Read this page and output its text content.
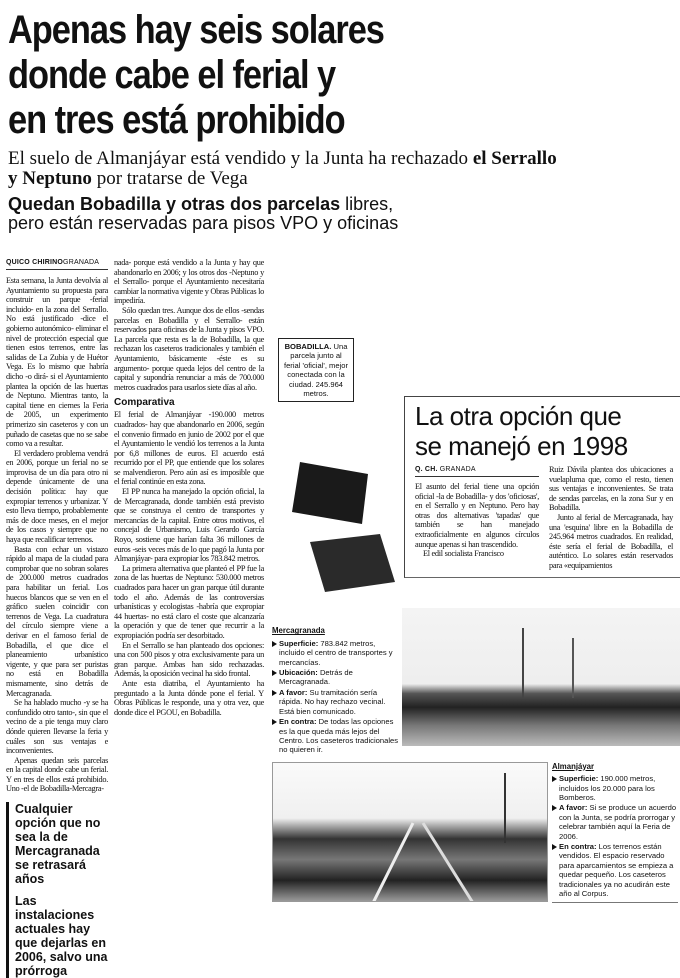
Apenas hay seis solares
donde cabe el ferial y
en tres está prohibido
El suelo de Almanjáyar está vendido y la Junta ha rechazado el Serrallo y Neptuno por tratarse de Vega
Quedan Bobadilla y otras dos parcelas libres,
pero están reservadas para pisos VPO y oficinas
QUICO CHIRINOGRANADA

Esta semana, la Junta devolvía al Ayuntamiento su propuesta para construir un parque -ferial incluido- en la zona del Serrallo. No está justificado -dice el gobierno autonómico- eliminar el nivel de protección especial que tienen estos terrenos, entre las salidas de La Zubia y de Huétor Vega. Es lo mismo que habría dicho -o dirá- si el Ayuntamiento plantea la opción de las huertas de Neptuno. Mientras tanto, la capital tiene en ciernes la Feria de 2005, un experimento primerizo sin caseteros y con un puñado de casetas que no se sabe como va a resultar.

El verdadero problema vendrá en 2006, porque un ferial no se improvisa de un día para otro ni depende únicamente de una decisión política: hay que expropiar terrenos y urbanizar. Y esto lleva tiempo, probablemente más de doce meses, en el mejor de los casos y siempre que no haya que recalificar terrenos.

Basta con echar un vistazo rápido al mapa de la ciudad para comprobar que no sobran solares de 200.000 metros cuadrados para habilitar un ferial. Los huecos blancos que se ven en el gráfico suelen coincidir con terrenos de Vega. La cuadratura del círculo siempre viene a derivar en el famoso ferial de Bobadilla, el que dice el planeamiento urbanístico vigente, y que para ser puristas no está en Bobadilla mismamente, sino detrás de Mercagranada.

Se ha hablado mucho -y se ha confundido otro tanto-, sin que el vecino de a pie tenga muy claro dónde quieren llevarse la feria y cuáles son sus ventajas e inconvenientes.

Apenas quedan seis parcelas en la capital donde cabe un ferial. Y en tres de ellos está prohibido. Uno -el de Bobadilla-Mercagra-

Cualquier opción que no sea la de Mercagranada se retrasará años

Las instalaciones actuales hay que dejarlas en 2006, salvo una prórroga

nada- porque está vendido a la Junta y hay que abandonarlo en 2006; y los otros dos -Neptuno y el Serrallo- porque el Ayuntamiento necesitaría cambiar la normativa vigente y Obras Públicas lo impediría.

Sólo quedan tres. Aunque dos de ellos -sendas parcelas en Bobadilla y el Serrallo- están reservados para oficinas de la Junta y pisos VPO. La parcela que resta es la de Bobadilla, la que rechazan los caseteros tradicionales y también el Ayuntamiento, básicamente -éste es su argumento- porque queda lejos del centro de la capital y supondría renunciar a más de 700.000 metros cuadrados para usarlos siete días al año.

Comparativa

El ferial de Almanjáyar -190.000 metros cuadrados- hay que abandonarlo en 2006, según el convenio firmado en junio de 2002 por el que el Ayuntamiento le vendió los terrenos a la Junta por 6,8 millones de euros. El acuerdo está recurrido por el PP, que entiende que los solares se malvendieron. Pero aún así es imposible que el ferial continúe en esta zona.

El PP nunca ha manejado la opción oficial, la de Mercagranada, donde también está previsto que se construya el centro de transportes y mercancías de la capital. Entre otros motivos, el concejal de Urbanismo, Luis Gerardo García Royo, sostiene que harían falta 36 millones de euros -seis veces más de lo que pagó la Junta por Almanjáyar- para expropiar los 783.842 metros.

La primera alternativa que planteó el PP fue la zona de las huertas de Neptuno: 530.000 metros cuadrados para hacer un gran parque útil durante todo el año. Además de las controversias urbanísticas y ecologistas -habría que expropiar 44 huertas- no está claro el coste que alcanzaría la operación y que de tener que recurrir a la expropiación podría ser desorbitado.

En el Serrallo se han planteado dos opciones: una con 500 pisos y otra exclusivamente para un gran parque. Ambas han sido rechazadas. Además, la oposición vecinal ha sido frontal.

Ante esta diatriba, el Ayuntamiento ha preguntado a la Junta dónde pone el ferial. Y Obras Públicas le responde, una y otra vez, que donde dice el PGOU, en Bobadilla.

BOBADILLA. Una parcela junto al ferial 'oficial', mejor conectada con la ciudad. 245.964 metros.
La otra opción que
se manejó en 1998
Q. CH. GRANADA

El asunto del ferial tiene una opción oficial -la de Bobadilla- y dos 'oficiosas', en el Serrallo y en Neptuno. Pero hay otras dos alternativas 'tapadas' que también se han manejado extraoficialmente en algunos círculos aunque apenas si han trascendido.

El edil socialista Francisco

Ruiz Dávila plantea dos ubicaciones a vuelapluma que, como el resto, tienen sus ventajas e inconvenientes. Se trata de sendas parcelas, en la zona Sur y en Bobadilla.

Junto al ferial de Mercagranada, hay una 'esquina' libre en la Bobadilla de 245.964 metros cuadrados. En realidad, éste sería el ferial de Bobadilla, el auténtico. Lo solares están reservados para «equipamientos

Mercagranada
Superficie: 783.842 metros, incluido el centro de transportes y mercancías.
Ubicación: Detrás de Mercagranada.
A favor: Su tramitación sería rápida. No hay rechazo vecinal. Está bien comunicado.
En contra: De todas las opciones es la que queda más lejos del Centro. Los caseteros tradicionales no quieren ir.
Almanjáyar
Superficie: 190.000 metros, incluidos los 20.000 para los Bomberos.
A favor: Si se produce un acuerdo con la Junta, se podría prorrogar y celebrar también aquí la Feria de 2006.
En contra: Los terrenos están vendidos. El espacio reservado para aparcamientos se empieza a quedar pequeño. Los caseteros tradicionales ya no acudirán este año al Corpus.
